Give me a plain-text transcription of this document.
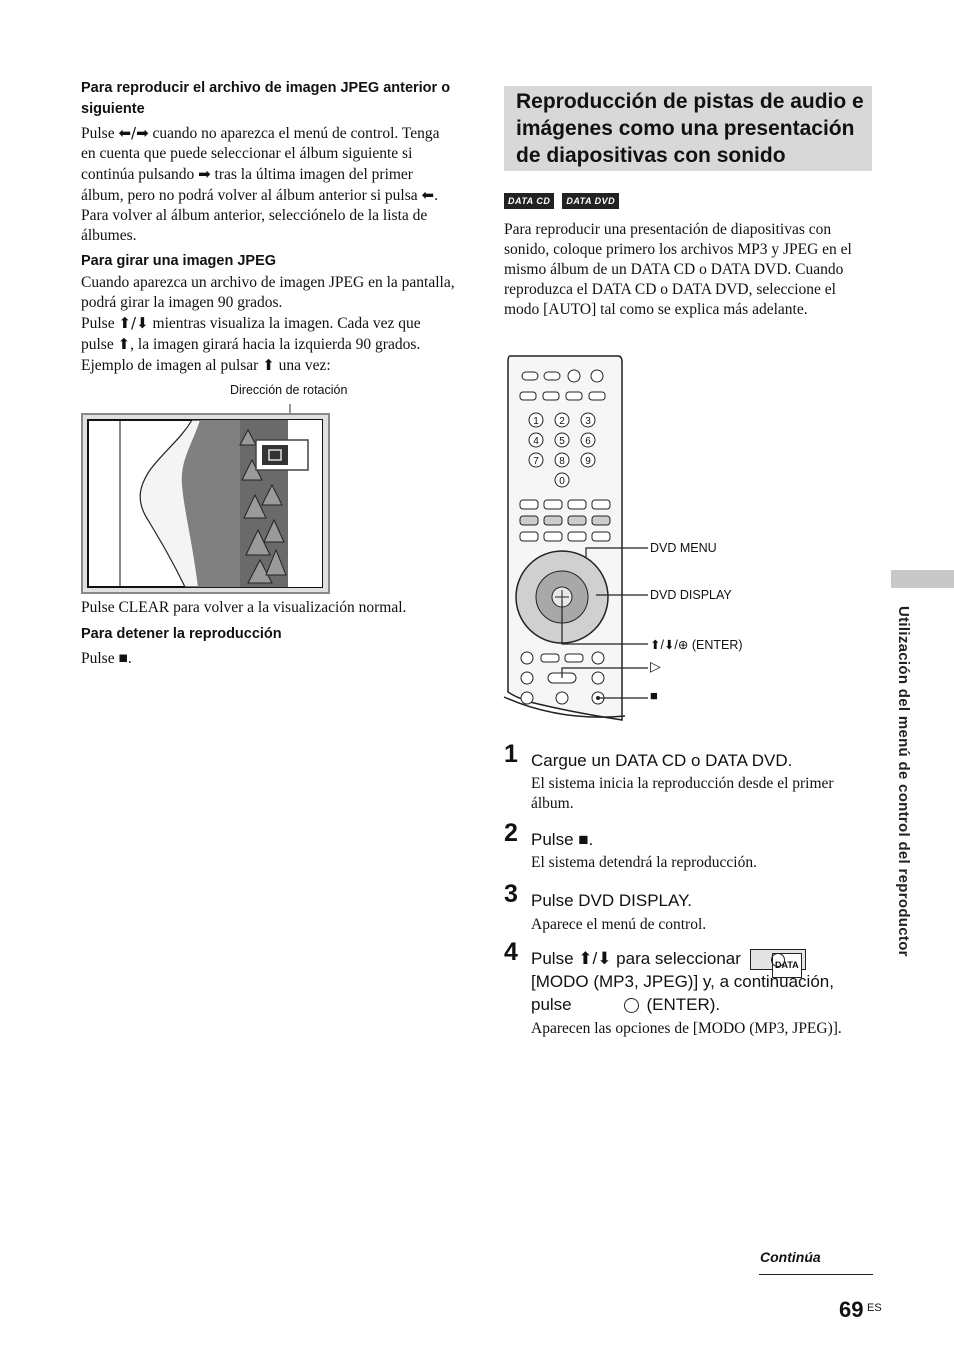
Para reproducir el archivo de imagen JPEG anterior o siguiente
Pulse ⬅/➡ cuando no aparezca el menú de control. Tenga en cuenta que puede seleccionar el álbum siguiente si continúa pulsando ➡ tras la última imagen del primer álbum, pero no podrá volver al álbum anterior si pulsa ⬅. Para volver al álbum anterior, selecciónelo de la lista de álbumes.
Para girar una imagen JPEG
Cuando aparezca un archivo de imagen JPEG en la pantalla, podrá girar la imagen 90 grados.
Pulse ⬆/⬇ mientras visualiza la imagen. Cada vez que pulse ⬆, la imagen girará hacia la izquierda 90 grados.
Ejemplo de imagen al pulsar ⬆ una vez:
Dirección de rotación
Pulse CLEAR para volver a la visualización normal.
Para detener la reproducción
Pulse ■.
Reproducción de pistas de audio e imágenes como una presentación de diapositivas con sonido
DATA CD DATA DVD
Para reproducir una presentación de diapositivas con sonido, coloque primero los archivos MP3 y JPEG en el mismo álbum de un DATA CD o DATA DVD. Cuando reproduzca el DATA CD o DATA DVD, seleccione el modo [AUTO] tal como se explica más adelante.
1 2 3
4 5 6
7 8 9
0
DVD MENU
DVD DISPLAY
⬆/⬇/⊕ (ENTER)
▷
■
1 Cargue un DATA CD o DATA DVD.
El sistema inicia la reproducción desde el primer álbum.
2 Pulse ■.
El sistema detendrá la reproducción.
3 Pulse DVD DISPLAY.
Aparece el menú de control.
4 Pulse ⬆/⬇ para seleccionar	DATA
[MODO (MP3, JPEG)] y, a continuación,
(ENTER).
pulse
Aparecen las opciones de [MODO (MP3, JPEG)].
Utilización del menú de control del reproductor
Continúa
69 ES
